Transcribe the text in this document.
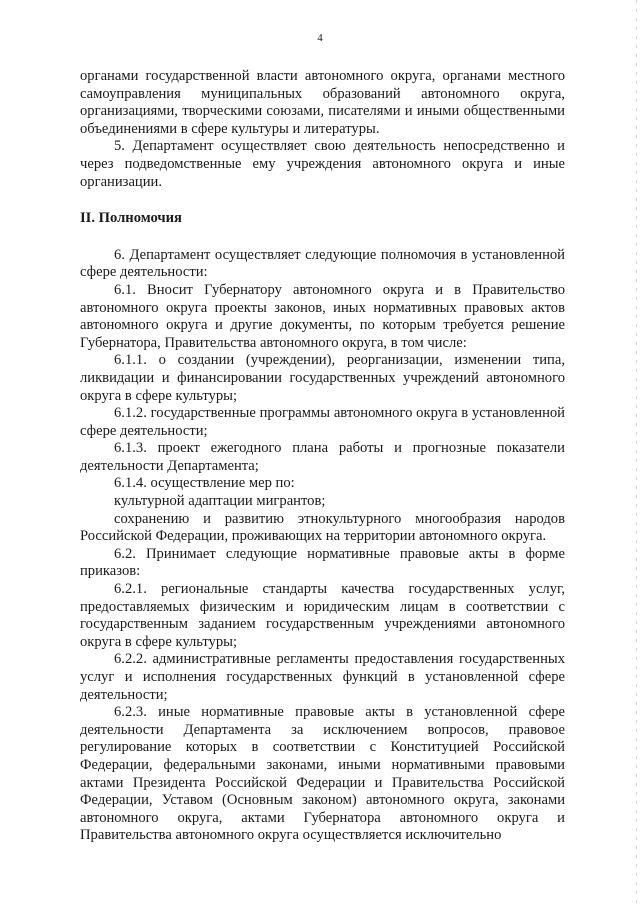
4
органами государственной власти автономного округа, органами местного самоуправления муниципальных образований автономного округа, организациями, творческими союзами, писателями и иными общественными объединениями в сфере культуры и литературы.
5. Департамент осуществляет свою деятельность непосредственно и через подведомственные ему учреждения автономного округа и иные организации.
II. Полномочия
6. Департамент осуществляет следующие полномочия в установленной сфере деятельности:
6.1. Вносит Губернатору автономного округа и в Правительство автономного округа проекты законов, иных нормативных правовых актов автономного округа и другие документы, по которым требуется решение Губернатора, Правительства автономного округа, в том числе:
6.1.1. о создании (учреждении), реорганизации, изменении типа, ликвидации и финансировании государственных учреждений автономного округа в сфере культуры;
6.1.2. государственные программы автономного округа в установленной сфере деятельности;
6.1.3. проект ежегодного плана работы и прогнозные показатели деятельности Департамента;
6.1.4. осуществление мер по:
культурной адаптации мигрантов;
сохранению и развитию этнокультурного многообразия народов Российской Федерации, проживающих на территории автономного округа.
6.2. Принимает следующие нормативные правовые акты в форме приказов:
6.2.1. региональные стандарты качества государственных услуг, предоставляемых физическим и юридическим лицам в соответствии с государственным заданием государственным учреждениями автономного округа в сфере культуры;
6.2.2. административные регламенты предоставления государственных услуг и исполнения государственных функций в установленной сфере деятельности;
6.2.3. иные нормативные правовые акты в установленной сфере деятельности Департамента за исключением вопросов, правовое регулирование которых в соответствии с Конституцией Российской Федерации, федеральными законами, иными нормативными правовыми актами Президента Российской Федерации и Правительства Российской Федерации, Уставом (Основным законом) автономного округа, законами автономного округа, актами Губернатора автономного округа и Правительства автономного округа осуществляется исключительно
